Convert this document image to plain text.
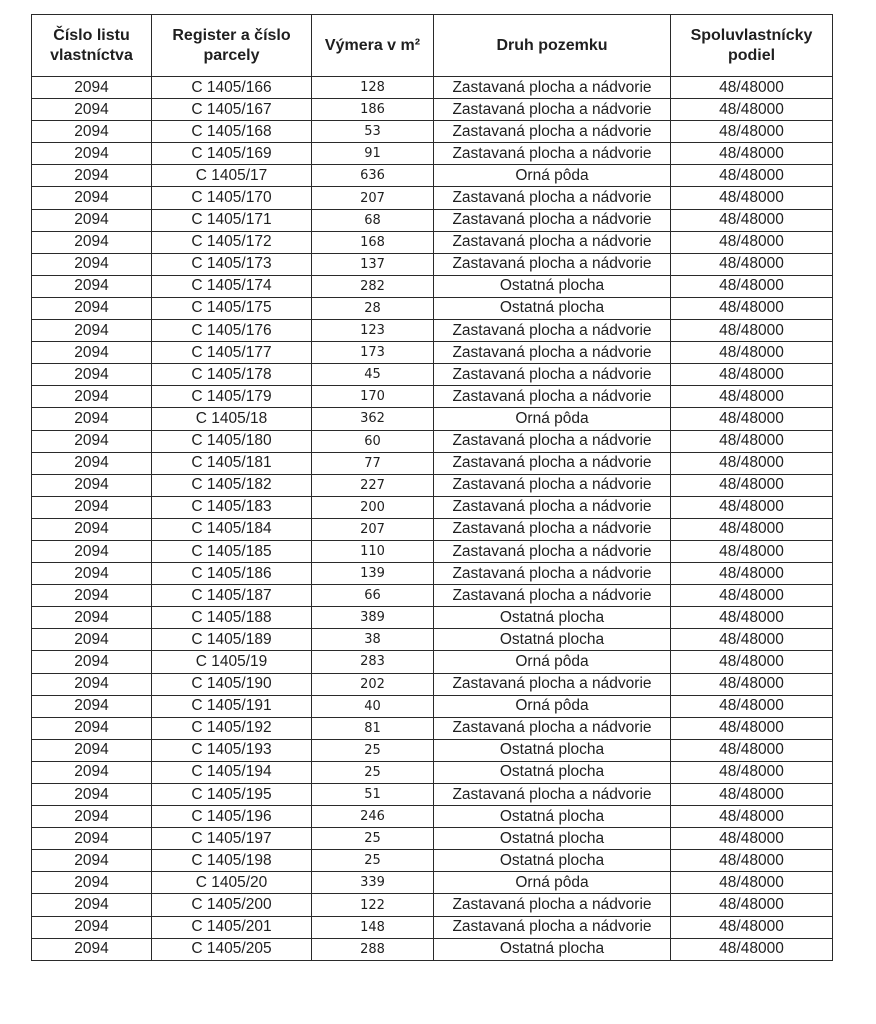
Číslo listu vlastníctva	Register a číslo parcely	Výmera v m²	Druh pozemku	Spoluvlastnícky podiel
2094	C 1405/166	128	Zastavaná plocha a nádvorie	48/48000
2094	C 1405/167	186	Zastavaná plocha a nádvorie	48/48000
2094	C 1405/168	53	Zastavaná plocha a nádvorie	48/48000
2094	C 1405/169	91	Zastavaná plocha a nádvorie	48/48000
2094	C 1405/17	636	Orná pôda	48/48000
2094	C 1405/170	207	Zastavaná plocha a nádvorie	48/48000
2094	C 1405/171	68	Zastavaná plocha a nádvorie	48/48000
2094	C 1405/172	168	Zastavaná plocha a nádvorie	48/48000
2094	C 1405/173	137	Zastavaná plocha a nádvorie	48/48000
2094	C 1405/174	282	Ostatná plocha	48/48000
2094	C 1405/175	28	Ostatná plocha	48/48000
2094	C 1405/176	123	Zastavaná plocha a nádvorie	48/48000
2094	C 1405/177	173	Zastavaná plocha a nádvorie	48/48000
2094	C 1405/178	45	Zastavaná plocha a nádvorie	48/48000
2094	C 1405/179	170	Zastavaná plocha a nádvorie	48/48000
2094	C 1405/18	362	Orná pôda	48/48000
2094	C 1405/180	60	Zastavaná plocha a nádvorie	48/48000
2094	C 1405/181	77	Zastavaná plocha a nádvorie	48/48000
2094	C 1405/182	227	Zastavaná plocha a nádvorie	48/48000
2094	C 1405/183	200	Zastavaná plocha a nádvorie	48/48000
2094	C 1405/184	207	Zastavaná plocha a nádvorie	48/48000
2094	C 1405/185	110	Zastavaná plocha a nádvorie	48/48000
2094	C 1405/186	139	Zastavaná plocha a nádvorie	48/48000
2094	C 1405/187	66	Zastavaná plocha a nádvorie	48/48000
2094	C 1405/188	389	Ostatná plocha	48/48000
2094	C 1405/189	38	Ostatná plocha	48/48000
2094	C 1405/19	283	Orná pôda	48/48000
2094	C 1405/190	202	Zastavaná plocha a nádvorie	48/48000
2094	C 1405/191	40	Orná pôda	48/48000
2094	C 1405/192	81	Zastavaná plocha a nádvorie	48/48000
2094	C 1405/193	25	Ostatná plocha	48/48000
2094	C 1405/194	25	Ostatná plocha	48/48000
2094	C 1405/195	51	Zastavaná plocha a nádvorie	48/48000
2094	C 1405/196	246	Ostatná plocha	48/48000
2094	C 1405/197	25	Ostatná plocha	48/48000
2094	C 1405/198	25	Ostatná plocha	48/48000
2094	C 1405/20	339	Orná pôda	48/48000
2094	C 1405/200	122	Zastavaná plocha a nádvorie	48/48000
2094	C 1405/201	148	Zastavaná plocha a nádvorie	48/48000
2094	C 1405/205	288	Ostatná plocha	48/48000
